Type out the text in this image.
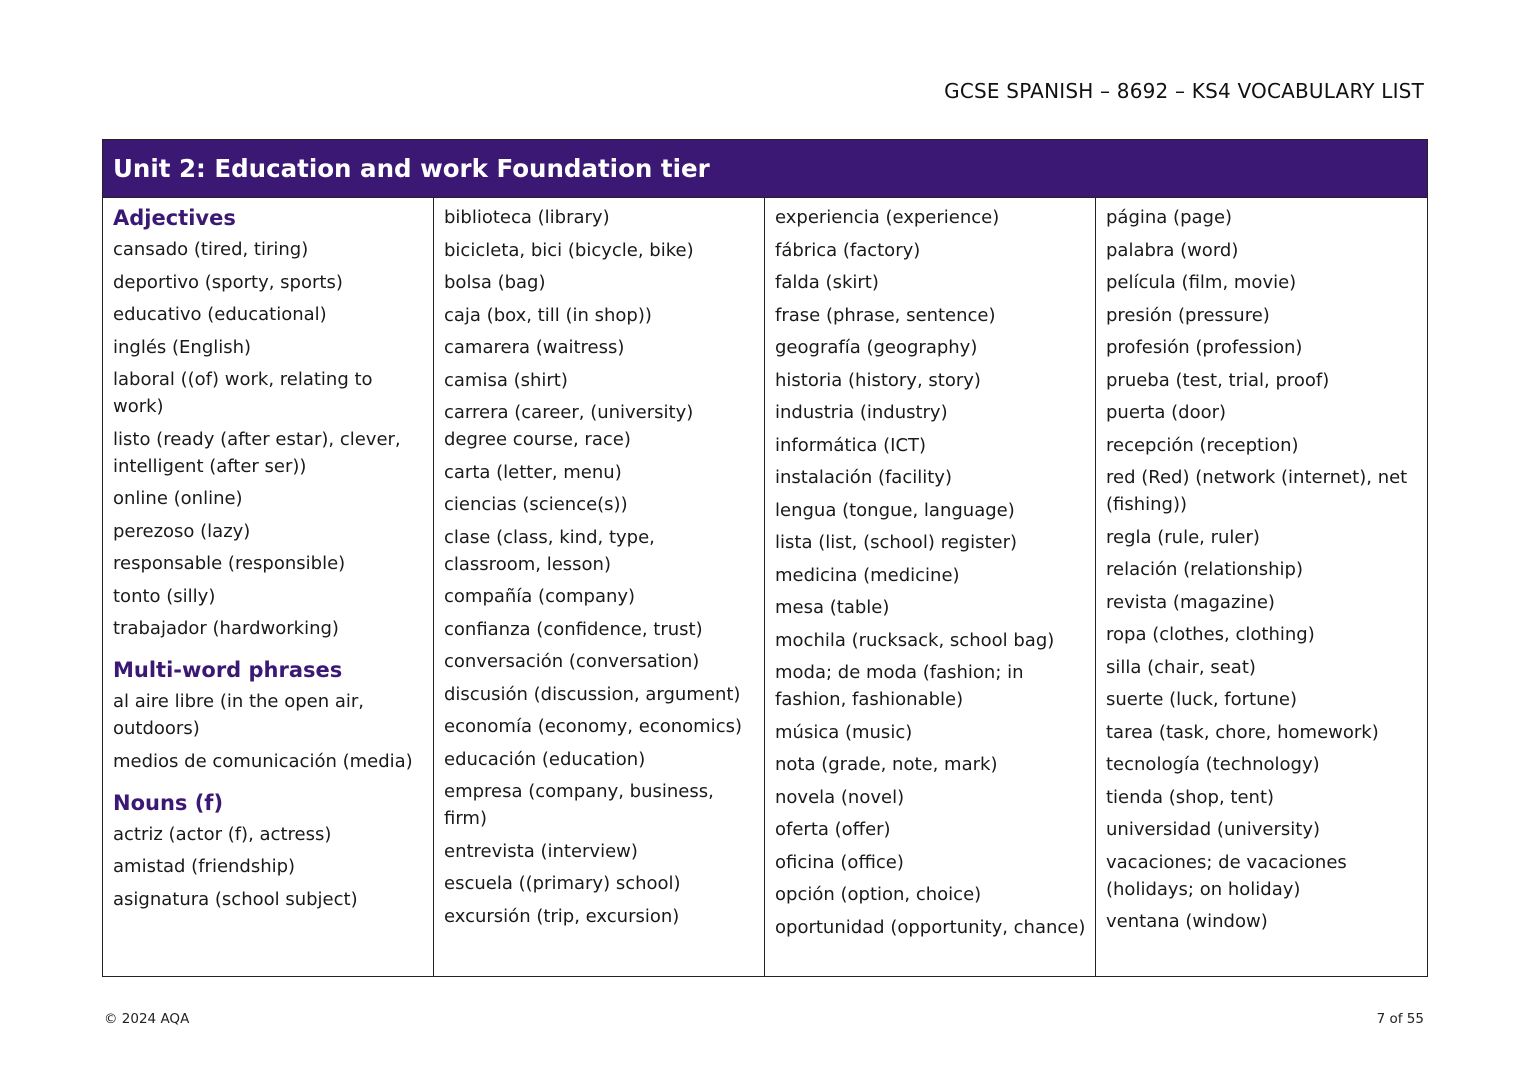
GCSE SPANISH – 8692 – KS4 VOCABULARY LIST
Unit 2: Education and work Foundation tier
Adjectives
cansado (tired, tiring)
deportivo (sporty, sports)
educativo (educational)
inglés (English)
laboral ((of) work, relating to work)
listo (ready (after estar), clever, intelligent (after ser))
online (online)
perezoso (lazy)
responsable (responsible)
tonto (silly)
trabajador (hardworking)
Multi-word phrases
al aire libre (in the open air, outdoors)
medios de comunicación (media)
Nouns (f)
actriz (actor (f), actress)
amistad (friendship)
asignatura (school subject)
biblioteca (library)
bicicleta, bici (bicycle, bike)
bolsa (bag)
caja (box, till (in shop))
camarera (waitress)
camisa (shirt)
carrera (career, (university) degree course, race)
carta (letter, menu)
ciencias (science(s))
clase (class, kind, type, classroom, lesson)
compañía (company)
confianza (confidence, trust)
conversación (conversation)
discusión (discussion, argument)
economía (economy, economics)
educación (education)
empresa (company, business, firm)
entrevista (interview)
escuela ((primary) school)
excursión (trip, excursion)
experiencia (experience)
fábrica (factory)
falda (skirt)
frase (phrase, sentence)
geografía (geography)
historia (history, story)
industria (industry)
informática (ICT)
instalación (facility)
lengua (tongue, language)
lista (list, (school) register)
medicina (medicine)
mesa (table)
mochila (rucksack, school bag)
moda; de moda (fashion; in fashion, fashionable)
música (music)
nota (grade, note, mark)
novela (novel)
oferta (offer)
oficina (office)
opción (option, choice)
oportunidad (opportunity, chance)
página (page)
palabra (word)
película (film, movie)
presión (pressure)
profesión (profession)
prueba (test, trial, proof)
puerta (door)
recepción (reception)
red (Red) (network (internet), net (fishing))
regla (rule, ruler)
relación (relationship)
revista (magazine)
ropa (clothes, clothing)
silla (chair, seat)
suerte (luck, fortune)
tarea (task, chore, homework)
tecnología (technology)
tienda (shop, tent)
universidad (university)
vacaciones; de vacaciones (holidays; on holiday)
ventana (window)
© 2024 AQA	7 of 55
